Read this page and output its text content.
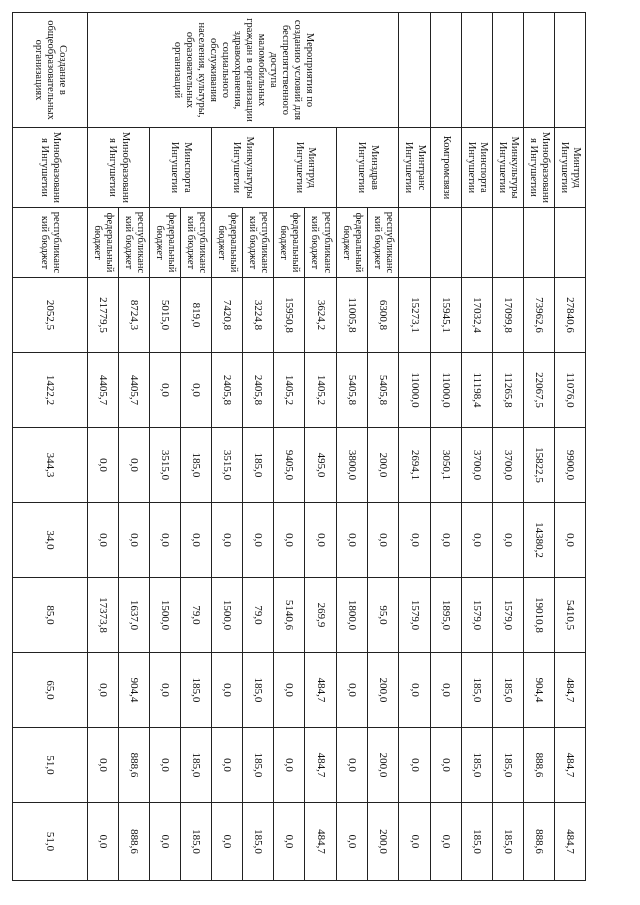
	Минтруд Ингушетии		27840,6	11076,0	9900,0	0,0	5410,5	484,7	484,7	484,7
	Минобразования Ингушетии		73962,6	22067,5	15822,5	14380,2	19010,8	904,4	888,6	888,6
	Минкультуры Ингушетии		17099,8	11265,8	3700,0	0,0	1579,0	185,0	185,0	185,0
	Минспорта Ингушетии		17032,4	11198,4	3700,0	0,0	1579,0	185,0	185,0	185,0
	Комгромсвязи		15945,1	11000,0	3050,1	0,0	1895,0	0,0	0,0	0,0
	Минтранс Ингушетии		15273,1	11000,0	2694,1	0,0	1579,0	0,0	0,0	0,0
Мероприятия по созданию условий для беспрепятственного доступа маломобильных граждан в организации здравоохранения, социального обслуживания населения, культуры, образовательных организаций	Минздрав Ингушетии	республиканский бюджет	6300,8	5405,8	200,0	0,0	95,0	200,0	200,0	200,0
		федеральный бюджет	11005,8	5405,8	3800,0	0,0	1800,0	0,0	0,0	0,0
	Минтруд Ингушетии	республиканский бюджет	3624,2	1405,2	495,0	0,0	269,9	484,7	484,7	484,7
		федеральный бюджет	15950,8	1405,2	9405,0	0,0	5140,6	0,0	0,0	0,0
	Минкультуры Ингушетии	республиканский бюджет	3224,8	2405,8	185,0	0,0	79,0	185,0	185,0	185,0
		федеральный бюджет	7420,8	2405,8	3515,0	0,0	1500,0	0,0	0,0	0,0
	Минспорта Ингушетии	республиканский бюджет	819,0	0,0	185,0	0,0	79,0	185,0	185,0	185,0
		федеральный бюджет	5015,0	0,0	3515,0	0,0	1500,0	0,0	0,0	0,0
	Минобразования Ингушетии	республиканский бюджет	8724,3	4405,7	0,0	0,0	1637,0	904,4	888,6	888,6
		федеральный бюджет	21779,5	4405,7	0,0	0,0	17373,8	0,0	0,0	0,0
Создание в общеобразовательных организациях	Минобразования Ингушетии	республиканский бюджет	2052,5	1422,2	344,3	34,0	85,0	65,0	51,0	51,0
